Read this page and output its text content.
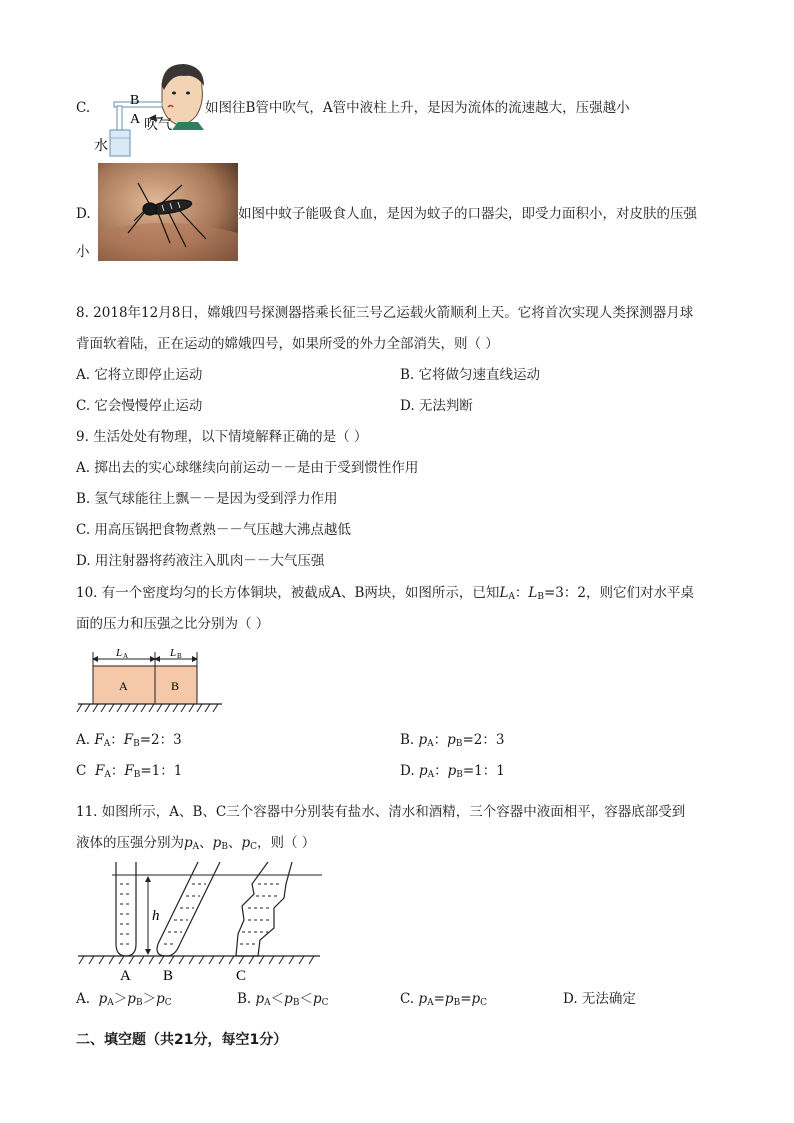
C.	B
A 吹气
水
如图往B管中吹气，A管中液柱上升，是因为流体的流速越大，压强越小
D.	如图中蚊子能吸食人血，是因为蚊子的口器尖，即受力面积小，对皮肤的压强
小
8. 2018年12月8日，嫦娥四号探测器搭乘长征三号乙运载火箭顺利上天。它将首次实现人类探测器月球
背面软着陆，正在运动的嫦娥四号，如果所受的外力全部消失，则（ ）
A. 它将立即停止运动	B. 它将做匀速直线运动
C. 它会慢慢停止运动	D. 无法判断
9. 生活处处有物理，以下情境解释正确的是（ ）
A. 掷出去的实心球继续向前运动－－是由于受到惯性作用
B. 氢气球能往上飘－－是因为受到浮力作用
C. 用高压锅把食物煮熟－－气压越大沸点越低
D. 用注射器将药液注入肌肉－－大气压强
10. 有一个密度均匀的长方体铜块，被截成A、B两块，如图所示，已知$L_A$：$L_B=3$：2，则它们对水平桌
面的压力和压强之比分别为（ ）
L A	L B
A	B
A. $F_A$：$F_B=2$：3	B. $p_A$：$p_B=2$：3
C $F_A$：$F_B=1$：1	D. $p_A$：$p_B=1$：1
11. 如图所示，A、B、C三个容器中分别装有盐水、清水和酒精，三个容器中液面相平，容器底部受到
液体的压强分别为$p_A$、$p_B$、$p_C$，则（ ）
h
A B	C
A. $p_A>p_B>p_C$	B. $p_A<p_B<p_C$	C. $p_A=p_B=p_C$	D. 无法确定
二、填空题（共21分，每空1分）
